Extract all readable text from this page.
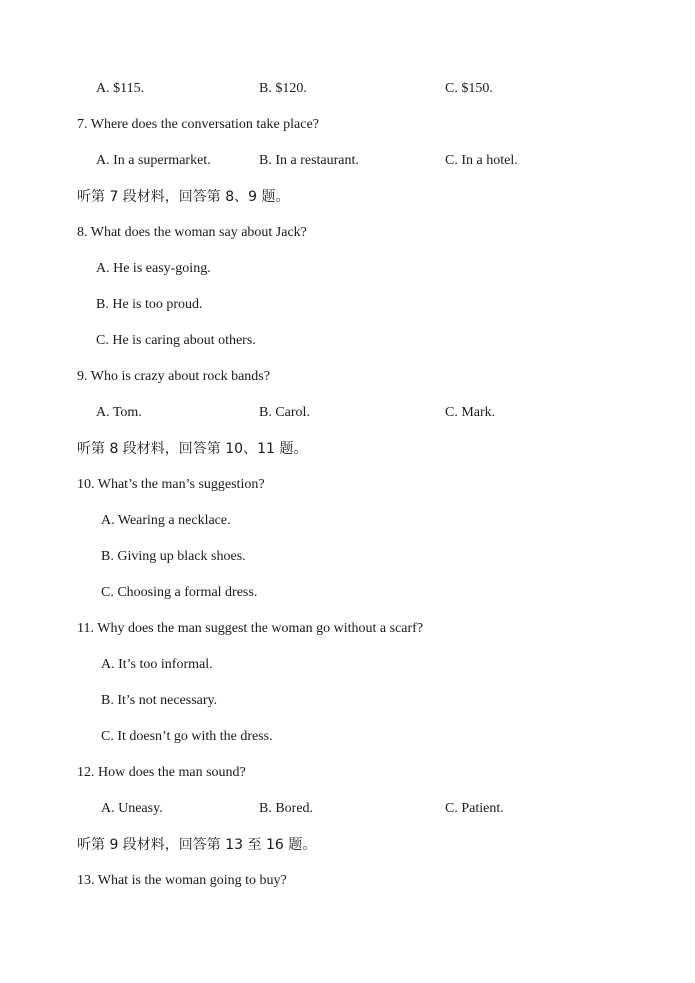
A. $115.	B. $120.	C. $150.
7. Where does the conversation take place?
A. In a supermarket.	B. In a restaurant.	C. In a hotel.
听第 7 段材料，回答第 8、9 题。
8. What does the woman say about Jack?
A. He is easy-going.
B. He is too proud.
C. He is caring about others.
9. Who is crazy about rock bands?
A. Tom.	B. Carol.	C. Mark.
听第 8 段材料，回答第 10、11 题。
10. What’s the man’s suggestion?
A. Wearing a necklace.
B. Giving up black shoes.
C. Choosing a formal dress.
11. Why does the man suggest the woman go without a scarf?
A. It’s too informal.
B. It’s not necessary.
C. It doesn’t go with the dress.
12. How does the man sound?
A. Uneasy.	B. Bored.	C. Patient.
听第 9 段材料，回答第 13 至 16 题。
13. What is the woman going to buy?
